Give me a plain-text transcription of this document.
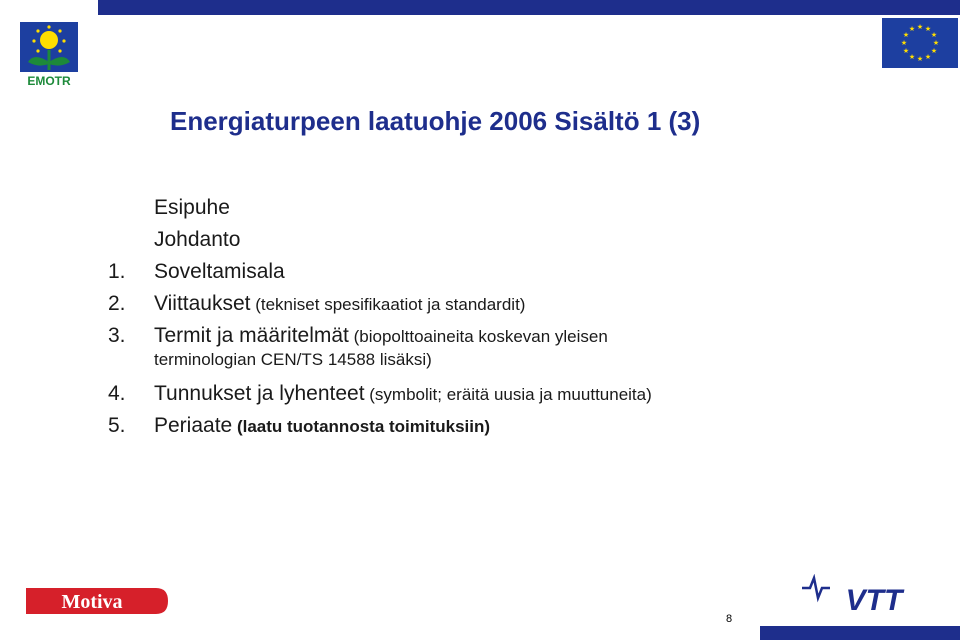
EMOTR
★ ★
★
★
★
★
★
★
★
★
★
★
Energiaturpeen laatuohje 2006 Sisältö 1 (3)
Esipuhe
Johdanto
1.	Soveltamisala
2.	Viittaukset (tekniset spesifikaatiot ja standardit)
3.	Termit ja määritelmät (biopolttoaineita koskevan yleisen
terminologian CEN/TS 14588 lisäksi)
4.	Tunnukset ja lyhenteet (symbolit; eräitä uusia ja muuttuneita)
5.	Periaate (laatu tuotannosta toimituksiin)
Motiva	VTT
8
